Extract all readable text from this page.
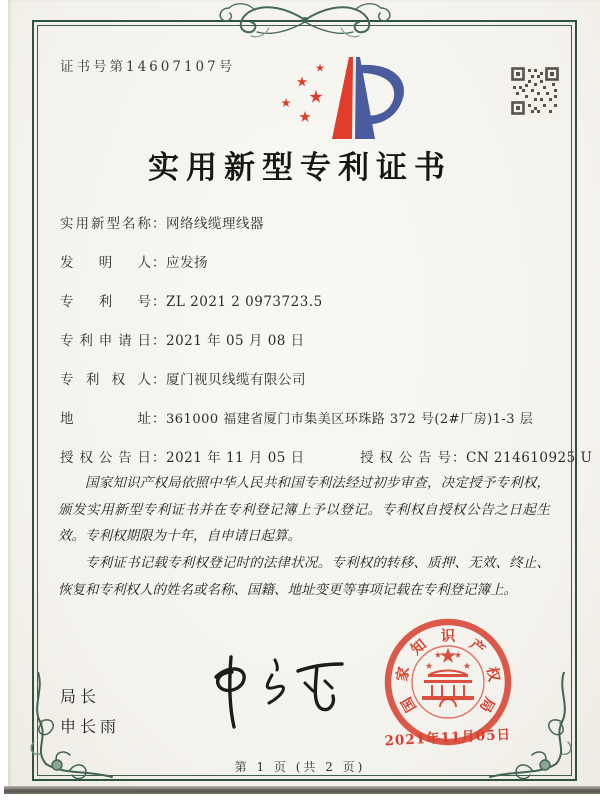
证书号第14607107号
实用新型专利证书
实用新型名称：网络线缆理线器
发明人：应发扬
专利号：ZL 2021 2 0973723.5
专利申请日：2021 年 05 月 08 日
专利权人：厦门视贝线缆有限公司
地址：361000 福建省厦门市集美区环珠路 372 号(2#厂房)1-3 层
授权公告日：2021 年 11 月 05 日	授权公告号：CN 214610925 U

国家知识产权局依照中华人民共和国专利法经过初步审查，决定授予专利权，颁发实用新型专利证书并在专利登记簿上予以登记。专利权自授权公告之日起生效。专利权期限为十年，自申请日起算。

专利证书记载专利权登记时的法律状况。专利权的转移、质押、无效、终止、恢复和专利权人的姓名或名称、国籍、地址变更等事项记载在专利登记簿上。

局长
申长雨
国
家
知 识 产
权
局
2021年11月05日
第 1 页 (共 2 页)
